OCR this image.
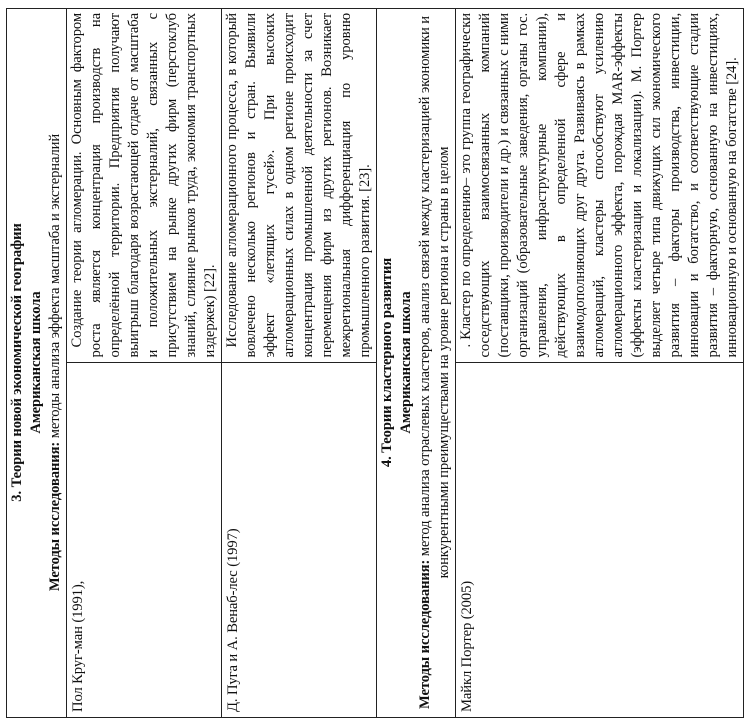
3. Теории новой экономической географии Американская школа
Методы исследования: методы анализа эффекта масштаба и экстерналий	
Пол Круг-ман (1991),	Создание теории агломерации. Основным фактором роста является концентрация производств на определённой территории. Предприятия получают выигрыш благодаря возрастающей отдаче от масштаба и положительных экстерналий, связанных с присутствием на рынке других фирм (перстоклуб знаний, слияние рынков труда, экономия транспортных издержек) [22].
Д. Пуга и А. Венаб-лес (1997)	Исследование агломерационного процесса, в который вовлечено несколько регионов и стран. Выявили эффект «летящих гусей». При высоких агломерационных силах в одном регионе происходит концентрация промышленной деятельности за счет перемещения фирм из других регионов. Возникает межрегиональная дифференциация по уровню промышленного развития. [23].

4. Теории кластерного развития Американская школа
Методы исследования: метод анализа отраслевых кластеров, анализ связей между кластеризацией экономики и конкурентными преимуществами на уровне региона и страны в целом	
Майкл Портер (2005)	. Кластер по определению– это группа географически соседствующих взаимосвязанных компаний (поставщики, производители и др.) и связанных с ними организаций (образовательные заведения, органы гос. управления, инфраструктурные компании), действующих в определенной сфере и взаимодополняющих друг друга. Развиваясь в рамках агломераций, кластеры способствуют усилению агломерационного эффекта, порождая MAR-эффекты (эффекты кластеризации и локализации). М. Портер выделяет четыре типа движущих сил экономического развития – факторы производства, инвестиции, инновации и богатство, и соответствующие стадии развития – факторную, основанную на инвестициях, инновационную и основанную на богатстве [24].
